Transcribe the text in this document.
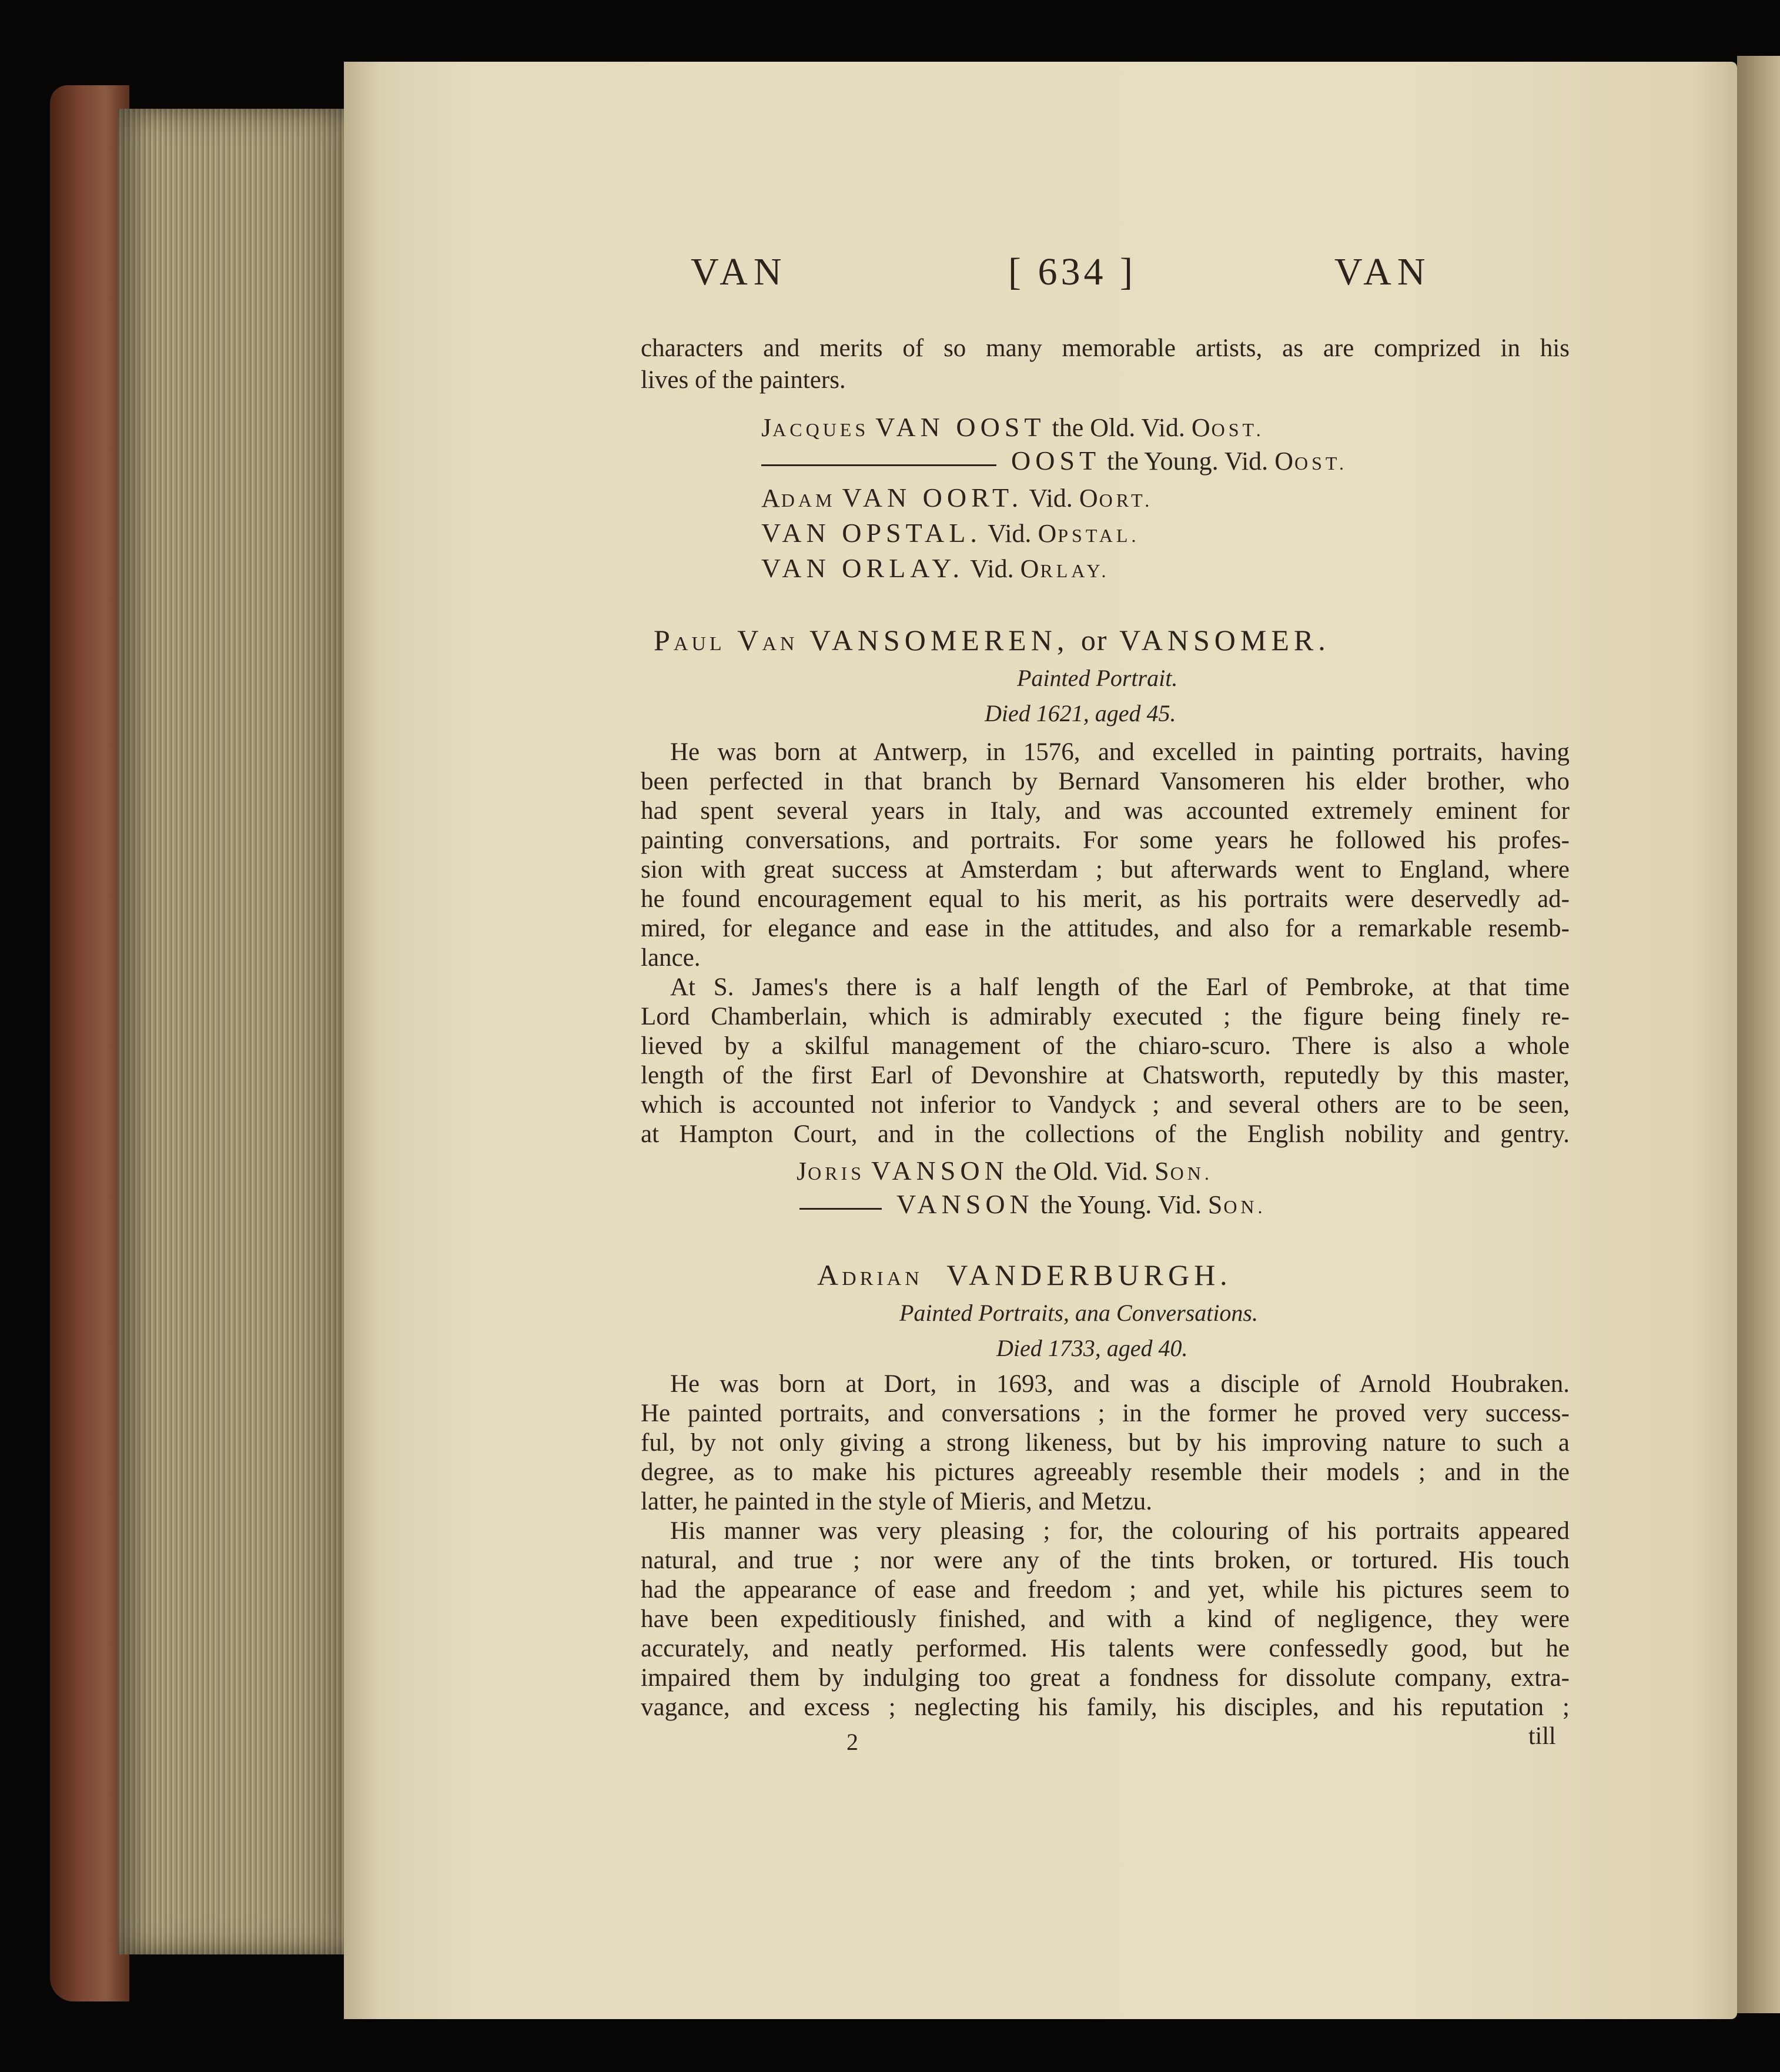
VAN	[ 634 ]	VAN
characters and merits of so many memorable artists, as are comprized in his
lives of the painters.
JACQUES VAN OOST the Old. Vid. OOST.
OOST the Young. Vid. OOST.
ADAM VAN OORT. Vid. OORT.
VAN OPSTAL. Vid. OPSTAL.
VAN ORLAY. Vid. ORLAY.
PAUL VAN VANSOMEREN, or VANSOMER.
Painted Portrait.
Died 1621, aged 45.
He was born at Antwerp, in 1576, and excelled in painting portraits, having
been perfected in that branch by Bernard Vansomeren his elder brother, who
had spent several years in Italy, and was accounted extremely eminent for
painting conversations, and portraits. For some years he followed his profes-
sion with great success at Amsterdam ; but afterwards went to England, where
he found encouragement equal to his merit, as his portraits were deservedly ad-
mired, for elegance and ease in the attitudes, and also for a remarkable resemb-
lance.
At S. James's there is a half length of the Earl of Pembroke, at that time
Lord Chamberlain, which is admirably executed ; the figure being finely re-
lieved by a skilful management of the chiaro-scuro. There is also a whole
length of the first Earl of Devonshire at Chatsworth, reputedly by this master,
which is accounted not inferior to Vandyck ; and several others are to be seen,
at Hampton Court, and in the collections of the English nobility and gentry.
JORIS VANSON the Old. Vid. SON.
VANSON the Young. Vid. SON.
ADRIAN VANDERBURGH.
Painted Portraits, ana Conversations.
Died 1733, aged 40.
He was born at Dort, in 1693, and was a disciple of Arnold Houbraken.
He painted portraits, and conversations ; in the former he proved very success-
ful, by not only giving a strong likeness, but by his improving nature to such a
degree, as to make his pictures agreeably resemble their models ; and in the
latter, he painted in the style of Mieris, and Metzu.
His manner was very pleasing ; for, the colouring of his portraits appeared
natural, and true ; nor were any of the tints broken, or tortured. His touch
had the appearance of ease and freedom ; and yet, while his pictures seem to
have been expeditiously finished, and with a kind of negligence, they were
accurately, and neatly performed. His talents were confessedly good, but he
impaired them by indulging too great a fondness for dissolute company, extra-
vagance, and excess ; neglecting his family, his disciples, and his reputation ;
2	till
